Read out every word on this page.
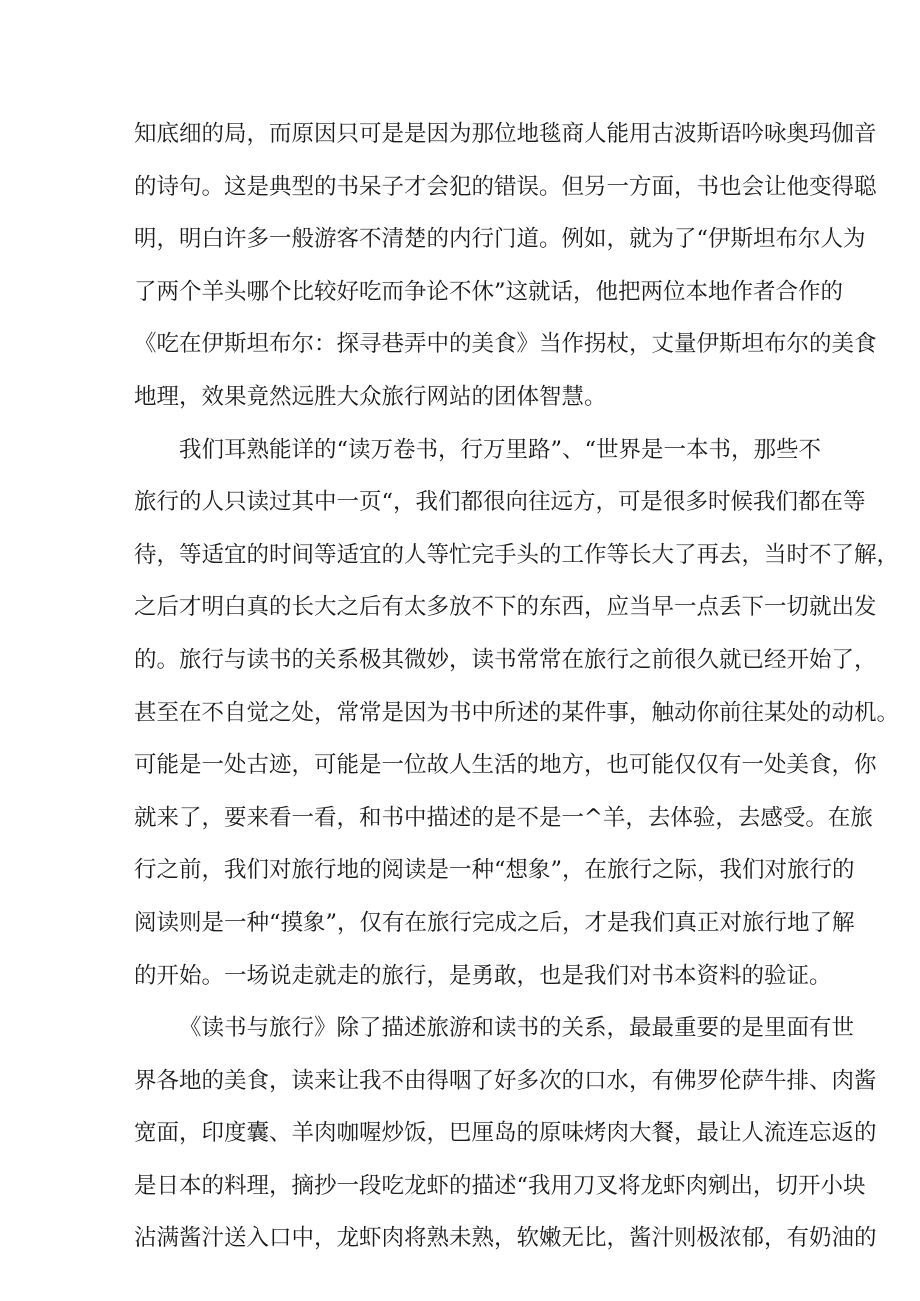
知底细的局，而原因只可是是因为那位地毯商人能用古波斯语吟咏奥玛伽音
的诗句。这是典型的书呆子才会犯的错误。但另一方面，书也会让他变得聪
明，明白许多一般游客不清楚的内行门道。例如，就为了“伊斯坦布尔人为
了两个羊头哪个比较好吃而争论不休”这就话，他把两位本地作者合作的
《吃在伊斯坦布尔：探寻巷弄中的美食》当作拐杖，丈量伊斯坦布尔的美食
地理，效果竟然远胜大众旅行网站的团体智慧。
我们耳熟能详的“读万卷书，行万里路”、“世界是一本书，那些不
旅行的人只读过其中一页“，我们都很向往远方，可是很多时候我们都在等
待，等适宜的时间等适宜的人等忙完手头的工作等长大了再去，当时不了解，
之后才明白真的长大之后有太多放不下的东西，应当早一点丢下一切就出发
的。旅行与读书的关系极其微妙，读书常常在旅行之前很久就已经开始了，
甚至在不自觉之处，常常是因为书中所述的某件事，触动你前往某处的动机。
可能是一处古迹，可能是一位故人生活的地方，也可能仅仅有一处美食，你
就来了，要来看一看，和书中描述的是不是一^羊，去体验，去感受。在旅
行之前，我们对旅行地的阅读是一种“想象”，在旅行之际，我们对旅行的
阅读则是一种“摸象”，仅有在旅行完成之后，才是我们真正对旅行地了解
的开始。一场说走就走的旅行，是勇敢，也是我们对书本资料的验证。
《读书与旅行》除了描述旅游和读书的关系，最最重要的是里面有世
界各地的美食，读来让我不由得咽了好多次的口水，有佛罗伦萨牛排、肉酱
宽面，印度囊、羊肉咖喔炒饭，巴厘岛的原味烤肉大餐，最让人流连忘返的
是日本的料理，摘抄一段吃龙虾的描述“我用刀叉将龙虾肉剜出，切开小块
沾满酱汁送入口中，龙虾肉将熟未熟，软嫩无比，酱汁则极浓郁，有奶油的
